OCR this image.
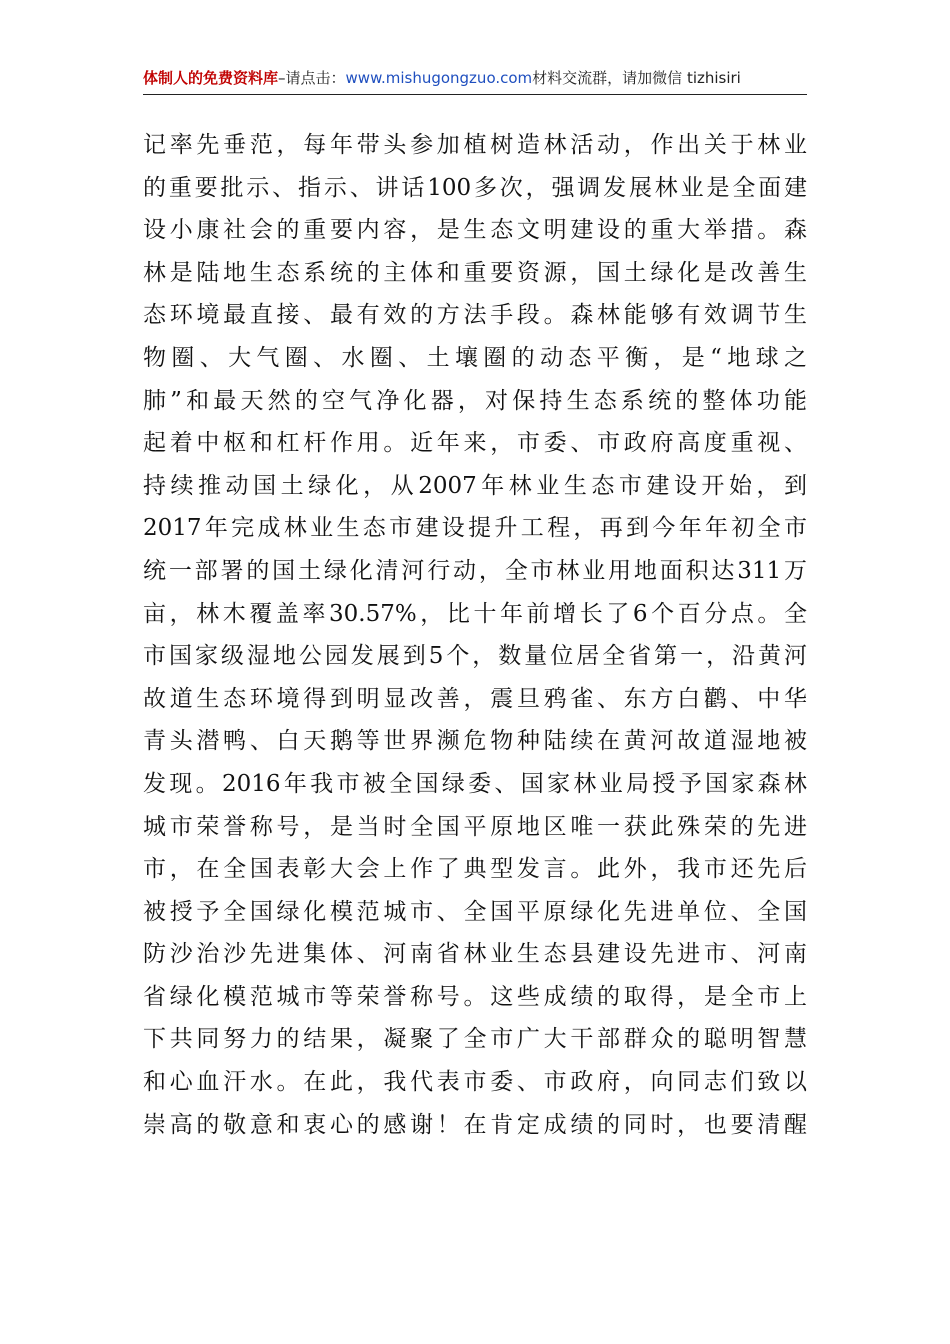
体制人的免费资料库–请点击：www.mishugongzuo.com材料交流群，请加微信 tizhisiri
记率先垂范，每年带头参加植树造林活动，作出关于林业
的重要批示、指示、讲话100多次，强调发展林业是全面建
设小康社会的重要内容，是生态文明建设的重大举措。森
林是陆地生态系统的主体和重要资源，国土绿化是改善生
态环境最直接、最有效的方法手段。森林能够有效调节生
物圈、大气圈、水圈、土壤圈的动态平衡，是“地球之
肺”和最天然的空气净化器，对保持生态系统的整体功能
起着中枢和杠杆作用。近年来，市委、市政府高度重视、
持续推动国土绿化，从2007年林业生态市建设开始，到
2017年完成林业生态市建设提升工程，再到今年年初全市
统一部署的国土绿化清河行动，全市林业用地面积达311万
亩，林木覆盖率30.57%，比十年前增长了6个百分点。全
市国家级湿地公园发展到5个，数量位居全省第一，沿黄河
故道生态环境得到明显改善，震旦鸦雀、东方白鹳、中华
青头潜鸭、白天鹅等世界濒危物种陆续在黄河故道湿地被
发现。2016年我市被全国绿委、国家林业局授予国家森林
城市荣誉称号，是当时全国平原地区唯一获此殊荣的先进
市，在全国表彰大会上作了典型发言。此外，我市还先后
被授予全国绿化模范城市、全国平原绿化先进单位、全国
防沙治沙先进集体、河南省林业生态县建设先进市、河南
省绿化模范城市等荣誉称号。这些成绩的取得，是全市上
下共同努力的结果，凝聚了全市广大干部群众的聪明智慧
和心血汗水。在此，我代表市委、市政府，向同志们致以
崇高的敬意和衷心的感谢！在肯定成绩的同时，也要清醒
